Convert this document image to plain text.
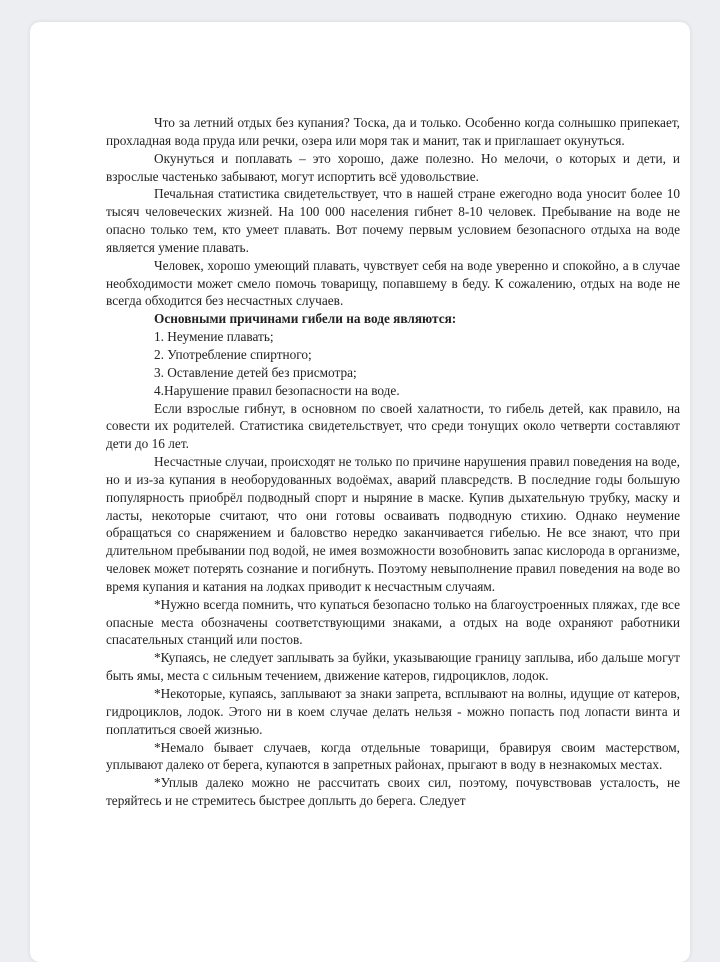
Что за летний отдых без купания? Тоска, да и только. Особенно когда солнышко припекает, прохладная вода пруда или речки, озера или моря так и манит, так и приглашает окунуться.

Окунуться и поплавать – это хорошо, даже полезно. Но мелочи, о которых и дети, и взрослые частенько забывают, могут испортить всё удовольствие.

Печальная статистика свидетельствует, что в нашей стране ежегодно вода уносит более 10 тысяч человеческих жизней. На 100 000 населения гибнет 8-10 человек. Пребывание на воде не опасно только тем, кто умеет плавать. Вот почему первым условием безопасного отдыха на воде является умение плавать.

Человек, хорошо умеющий плавать, чувствует себя на воде уверенно и спокойно, а в случае необходимости может смело помочь товарищу, попавшему в беду. К сожалению, отдых на воде не всегда обходится без несчастных случаев.

Основными причинами гибели на воде являются:

1. Неумение плавать;

2. Употребление спиртного;

3. Оставление детей без присмотра;

4.Нарушение правил безопасности на воде.

Если взрослые гибнут, в основном по своей халатности, то гибель детей, как правило, на совести их родителей. Статистика свидетельствует, что среди тонущих около четверти составляют дети до 16 лет.

Несчастные случаи, происходят не только по причине нарушения правил поведения на воде, но и из-за купания в необорудованных водоёмах, аварий плавсредств. В последние годы большую популярность приобрёл подводный спорт и ныряние в маске. Купив дыхательную трубку, маску и ласты, некоторые считают, что они готовы осваивать подводную стихию. Однако неумение обращаться со снаряжением и баловство нередко заканчивается гибелью. Не все знают, что при длительном пребывании под водой, не имея возможности возобновить запас кислорода в организме, человек может потерять сознание и погибнуть. Поэтому невыполнение правил поведения на воде во время купания и катания на лодках приводит к несчастным случаям.

*Нужно всегда помнить, что купаться безопасно только на благоустроенных пляжах, где все опасные места обозначены соответствующими знаками, а отдых на воде охраняют работники спасательных станций или постов.

*Купаясь, не следует заплывать за буйки, указывающие границу заплыва, ибо дальше могут быть ямы, места с сильным течением, движение катеров, гидроциклов, лодок.

*Некоторые, купаясь, заплывают за знаки запрета, всплывают на волны, идущие от катеров, гидроциклов, лодок. Этого ни в коем случае делать нельзя - можно попасть под лопасти винта и поплатиться своей жизнью.

*Немало бывает случаев, когда отдельные товарищи, бравируя своим мастерством, уплывают далеко от берега, купаются в запретных районах, прыгают в воду в незнакомых местах.

*Уплыв далеко можно не рассчитать своих сил, поэтому, почувствовав усталость, не теряйтесь и не стремитесь быстрее доплыть до берега. Следует
